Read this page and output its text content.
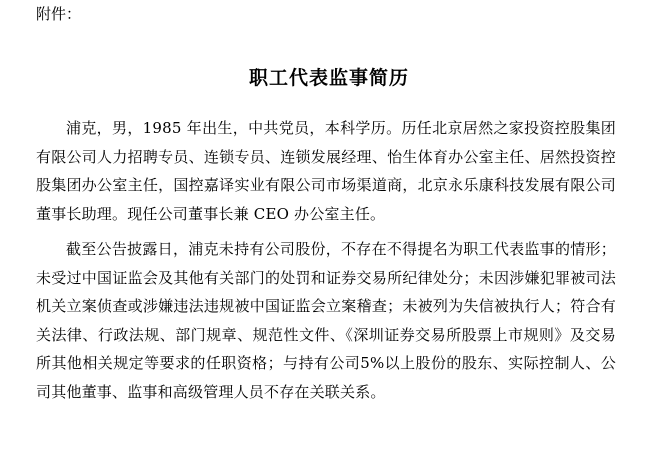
附件：

职工代表监事简历

浦克，男，1985 年出生，中共党员，本科学历。历任北京居然之家投资控股集团有限公司人力招聘专员、连锁专员、连锁发展经理、怡生体育办公室主任、居然投资控股集团办公室主任，国控嘉译实业有限公司市场渠道商，北京永乐康科技发展有限公司董事长助理。现任公司董事长兼 CEO 办公室主任。

截至公告披露日，浦克未持有公司股份，不存在不得提名为职工代表监事的情形；未受过中国证监会及其他有关部门的处罚和证券交易所纪律处分；未因涉嫌犯罪被司法机关立案侦查或涉嫌违法违规被中国证监会立案稽查；未被列为失信被执行人；符合有关法律、行政法规、部门规章、规范性文件、《深圳证券交易所股票上市规则》及交易所其他相关规定等要求的任职资格；与持有公司5%以上股份的股东、实际控制人、公司其他董事、监事和高级管理人员不存在关联关系。
